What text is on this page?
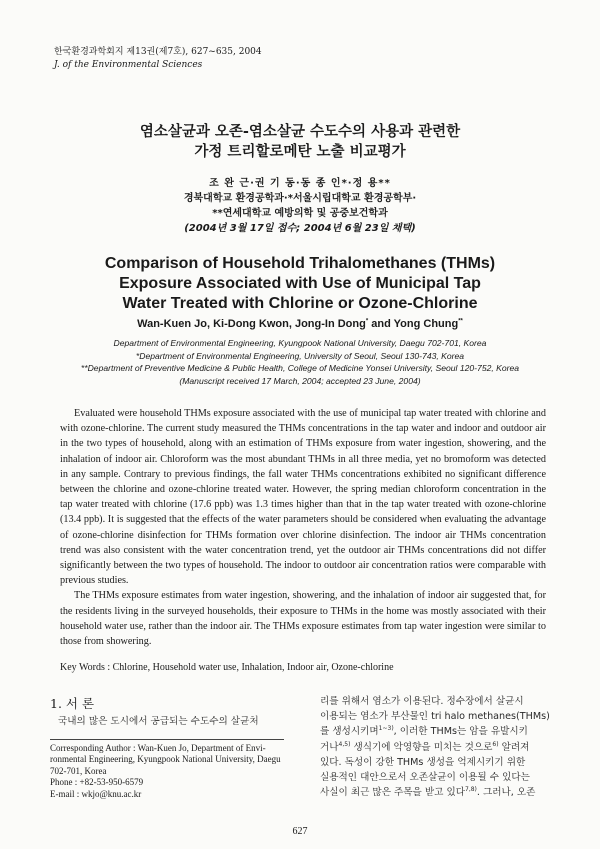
한국환경과학회지 제13권(제7호), 627~635, 2004
J. of the Environmental Sciences
염소살균과 오존-염소살균 수도수의 사용과 관련한
가정 트리할로메탄 노출 비교평가
조 완 근·권 기 동·동 종 인*·정 용**
경북대학교 환경공학과·*서울시립대학교 환경공학부·
**연세대학교 예방의학 및 공중보건학과
(2004년 3월 17일 접수; 2004년 6월 23일 채택)
Comparison of Household Trihalomethanes (THMs)
Exposure Associated with Use of Municipal Tap
Water Treated with Chlorine or Ozone-Chlorine
Wan-Kuen Jo, Ki-Dong Kwon, Jong-In Dong* and Yong Chung**
Department of Environmental Engineering, Kyungpook National University, Daegu 702-701, Korea
*Department of Environmental Engineering, University of Seoul, Seoul 130-743, Korea
**Department of Preventive Medicine & Public Health, College of Medicine Yonsei University, Seoul 120-752, Korea
(Manuscript received 17 March, 2004; accepted 23 June, 2004)

Evaluated were household THMs exposure associated with the use of municipal tap water treated with chlorine and with ozone-chlorine. The current study measured the THMs concentrations in the tap water and indoor and outdoor air in the two types of household, along with an estimation of THMs exposure from water ingestion, showering, and the inhalation of indoor air. Chloroform was the most abundant THMs in all three media, yet no bromoform was detected in any sample. Contrary to previous findings, the fall water THMs concentrations exhibited no significant difference between the chlorine and ozone-chlorine treated water. However, the spring median chloroform concentration in the tap water treated with chlorine (17.6 ppb) was 1.3 times higher than that in the tap water treated with ozone-chlorine (13.4 ppb). It is suggested that the effects of the water parameters should be considered when evaluating the advantage of ozone-chlorine disinfection for THMs formation over chlorine disinfection. The indoor air THMs concentration trend was also consistent with the water concentration trend, yet the outdoor air THMs concentrations did not differ significantly between the two types of household. The indoor to outdoor air concentration ratios were comparable with previous studies.

The THMs exposure estimates from water ingestion, showering, and the inhalation of indoor air suggested that, for the residents living in the surveyed households, their exposure to THMs in the home was mostly associated with their household water use, rather than the indoor air. The THMs exposure estimates from tap water ingestion were similar to those from showering.

Key Words : Chlorine, Household water use, Inhalation, Indoor air, Ozone-chlorine
1. 서 론
국내의 많은 도시에서 공급되는 수도수의 살균처
Corresponding Author : Wan-Kuen Jo, Department of Envi-
ronmental Engineering, Kyungpook National University, Daegu
702-701, Korea
Phone : +82-53-950-6579
E-mail : wkjo@knu.ac.kr
리를 위해서 염소가 이용된다. 정수장에서 살균시
이용되는 염소가 부산물인 tri halo methanes(THMs)
를 생성시키며$^{1\sim 3)}$, 이러한 THMs는 암을 유발시키
거나$^{4,5)}$ 생식기에 악영향을 미치는 것으로$^{6)}$ 알려져
있다. 독성이 강한 THMs 생성을 억제시키기 위한
실용적인 대안으로서 오존살균이 이용될 수 있다는
사실이 최근 많은 주목을 받고 있다$^{7,8)}$. 그러나, 오존
627
